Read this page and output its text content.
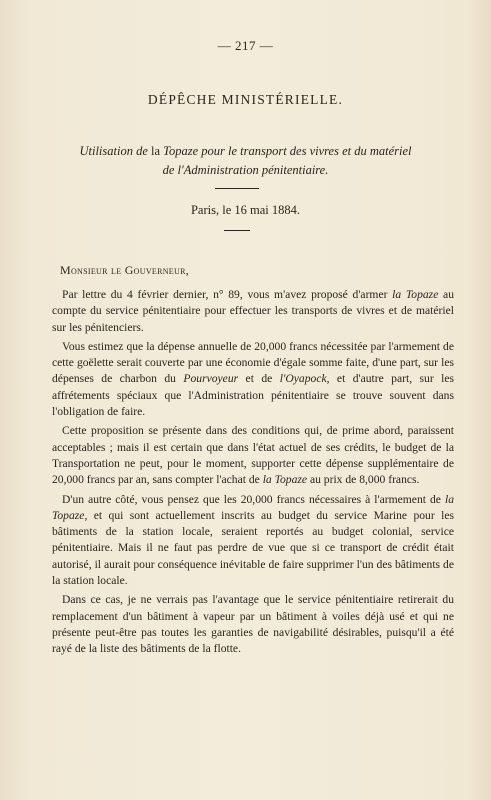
— 217 —
DÉPÊCHE MINISTÉRIELLE.
Utilisation de la Topaze pour le transport des vivres et du matériel
de l'Administration pénitentiaire.
Paris, le 16 mai 1884.
Monsieur le Gouverneur,

Par lettre du 4 février dernier, n° 89, vous m'avez proposé d'armer la Topaze au compte du service pénitentiaire pour effectuer les transports de vivres et de matériel sur les pénitenciers.

Vous estimez que la dépense annuelle de 20,000 francs nécessitée par l'armement de cette goëlette serait couverte par une économie d'égale somme faite, d'une part, sur les dépenses de charbon du Pourvoyeur et de l'Oyapock, et d'autre part, sur les affrétements spéciaux que l'Administration pénitentiaire se trouve souvent dans l'obligation de faire.

Cette proposition se présente dans des conditions qui, de prime abord, paraissent acceptables ; mais il est certain que dans l'état actuel de ses crédits, le budget de la Transportation ne peut, pour le moment, supporter cette dépense supplémentaire de 20,000 francs par an, sans compter l'achat de la Topaze au prix de 8,000 francs.

D'un autre côté, vous pensez que les 20,000 francs nécessaires à l'armement de la Topaze, et qui sont actuellement inscrits au budget du service Marine pour les bâtiments de la station locale, seraient reportés au budget colonial, service pénitentiaire. Mais il ne faut pas perdre de vue que si ce transport de crédit était autorisé, il aurait pour conséquence inévitable de faire supprimer l'un des bâtiments de la station locale.

Dans ce cas, je ne verrais pas l'avantage que le service pénitentiaire retirerait du remplacement d'un bâtiment à vapeur par un bâtiment à voiles déjà usé et qui ne présente peut-être pas toutes les garanties de navigabilité désirables, puisqu'il a été rayé de la liste des bâtiments de la flotte.
